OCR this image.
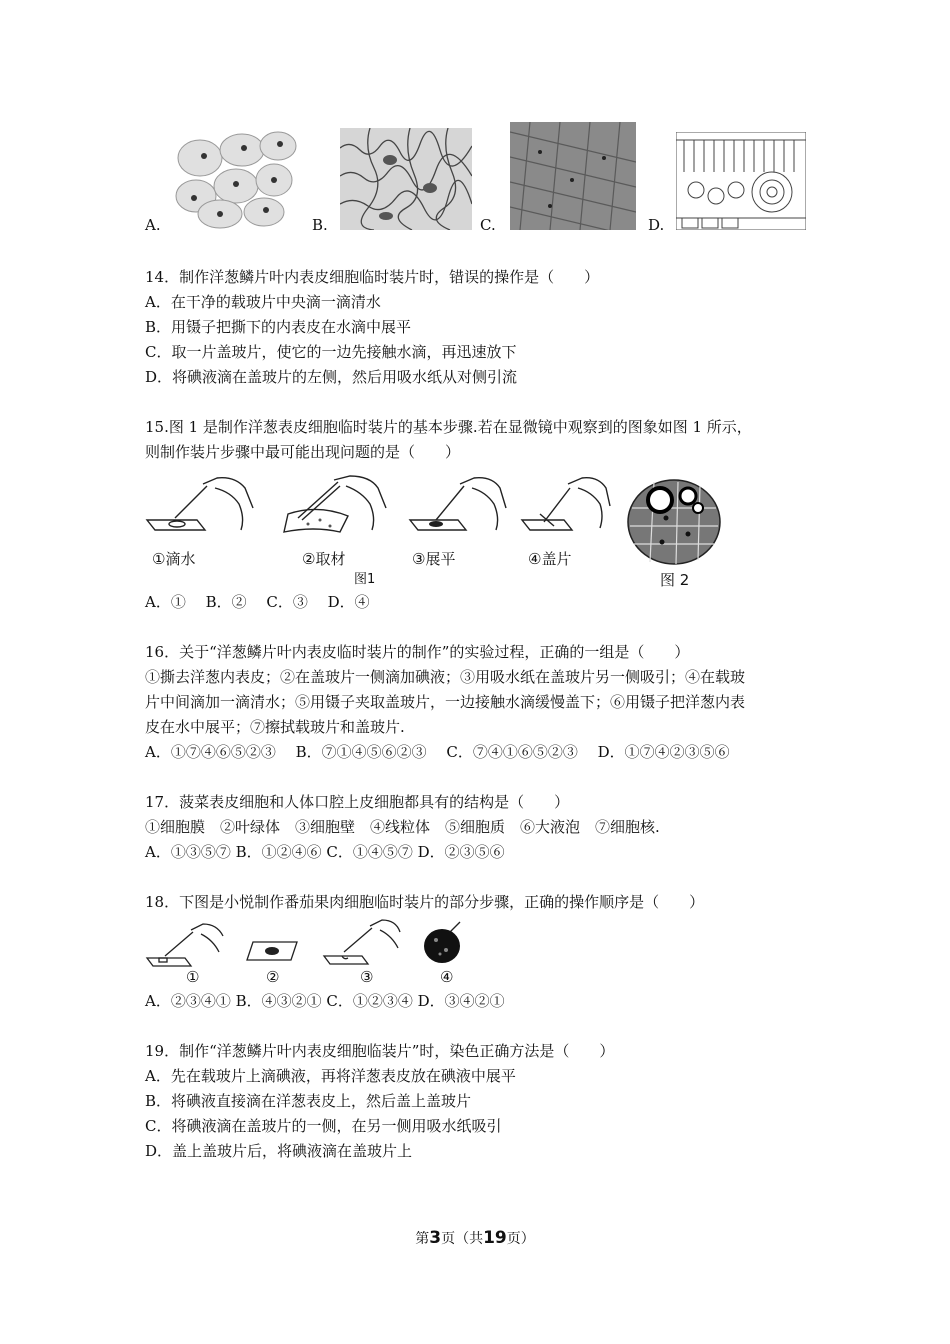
A.	B.	C.	D.
14．制作洋葱鳞片叶内表皮细胞临时装片时，错误的操作是（　　）
A．在干净的载玻片中央滴一滴清水
B．用镊子把撕下的内表皮在水滴中展平
C．取一片盖玻片，使它的一边先接触水滴，再迅速放下
D．将碘液滴在盖玻片的左侧，然后用吸水纸从对侧引流
15.图 1 是制作洋葱表皮细胞临时装片的基本步骤.若在显微镜中观察到的图象如图 1 所示，
则制作装片步骤中最可能出现问题的是（　　）
①滴水	②取材	③展平	④盖片
图1	图 2
A．①　 B．②　 C．③　 D．④
16．关于“洋葱鳞片叶内表皮临时装片的制作”的实验过程，正确的一组是（　　）
①撕去洋葱内表皮；②在盖玻片一侧滴加碘液；③用吸水纸在盖玻片另一侧吸引；④在载玻
片中间滴加一滴清水；⑤用镊子夹取盖玻片，一边接触水滴缓慢盖下；⑥用镊子把洋葱内表
皮在水中展平；⑦擦拭载玻片和盖玻片.
A．①⑦④⑥⑤②③　 B．⑦①④⑤⑥②③　 C．⑦④①⑥⑤②③　 D．①⑦④②③⑤⑥
17．菠菜表皮细胞和人体口腔上皮细胞都具有的结构是（　　）
①细胞膜　②叶绿体　③细胞壁　④线粒体　⑤细胞质　⑥大液泡　⑦细胞核.
A．①③⑤⑦ B．①②④⑥ C．①④⑤⑦ D．②③⑤⑥
18．下图是小悦制作番茄果肉细胞临时装片的部分步骤，正确的操作顺序是（　　）
①	②	③	④
A．②③④① B．④③②① C．①②③④ D．③④②①
19．制作“洋葱鳞片叶内表皮细胞临装片”时，染色正确方法是（　　）
A．先在载玻片上滴碘液，再将洋葱表皮放在碘液中展平
B．将碘液直接滴在洋葱表皮上，然后盖上盖玻片
C．将碘液滴在盖玻片的一侧，在另一侧用吸水纸吸引
D．盖上盖玻片后，将碘液滴在盖玻片上
第3页（共19页）
